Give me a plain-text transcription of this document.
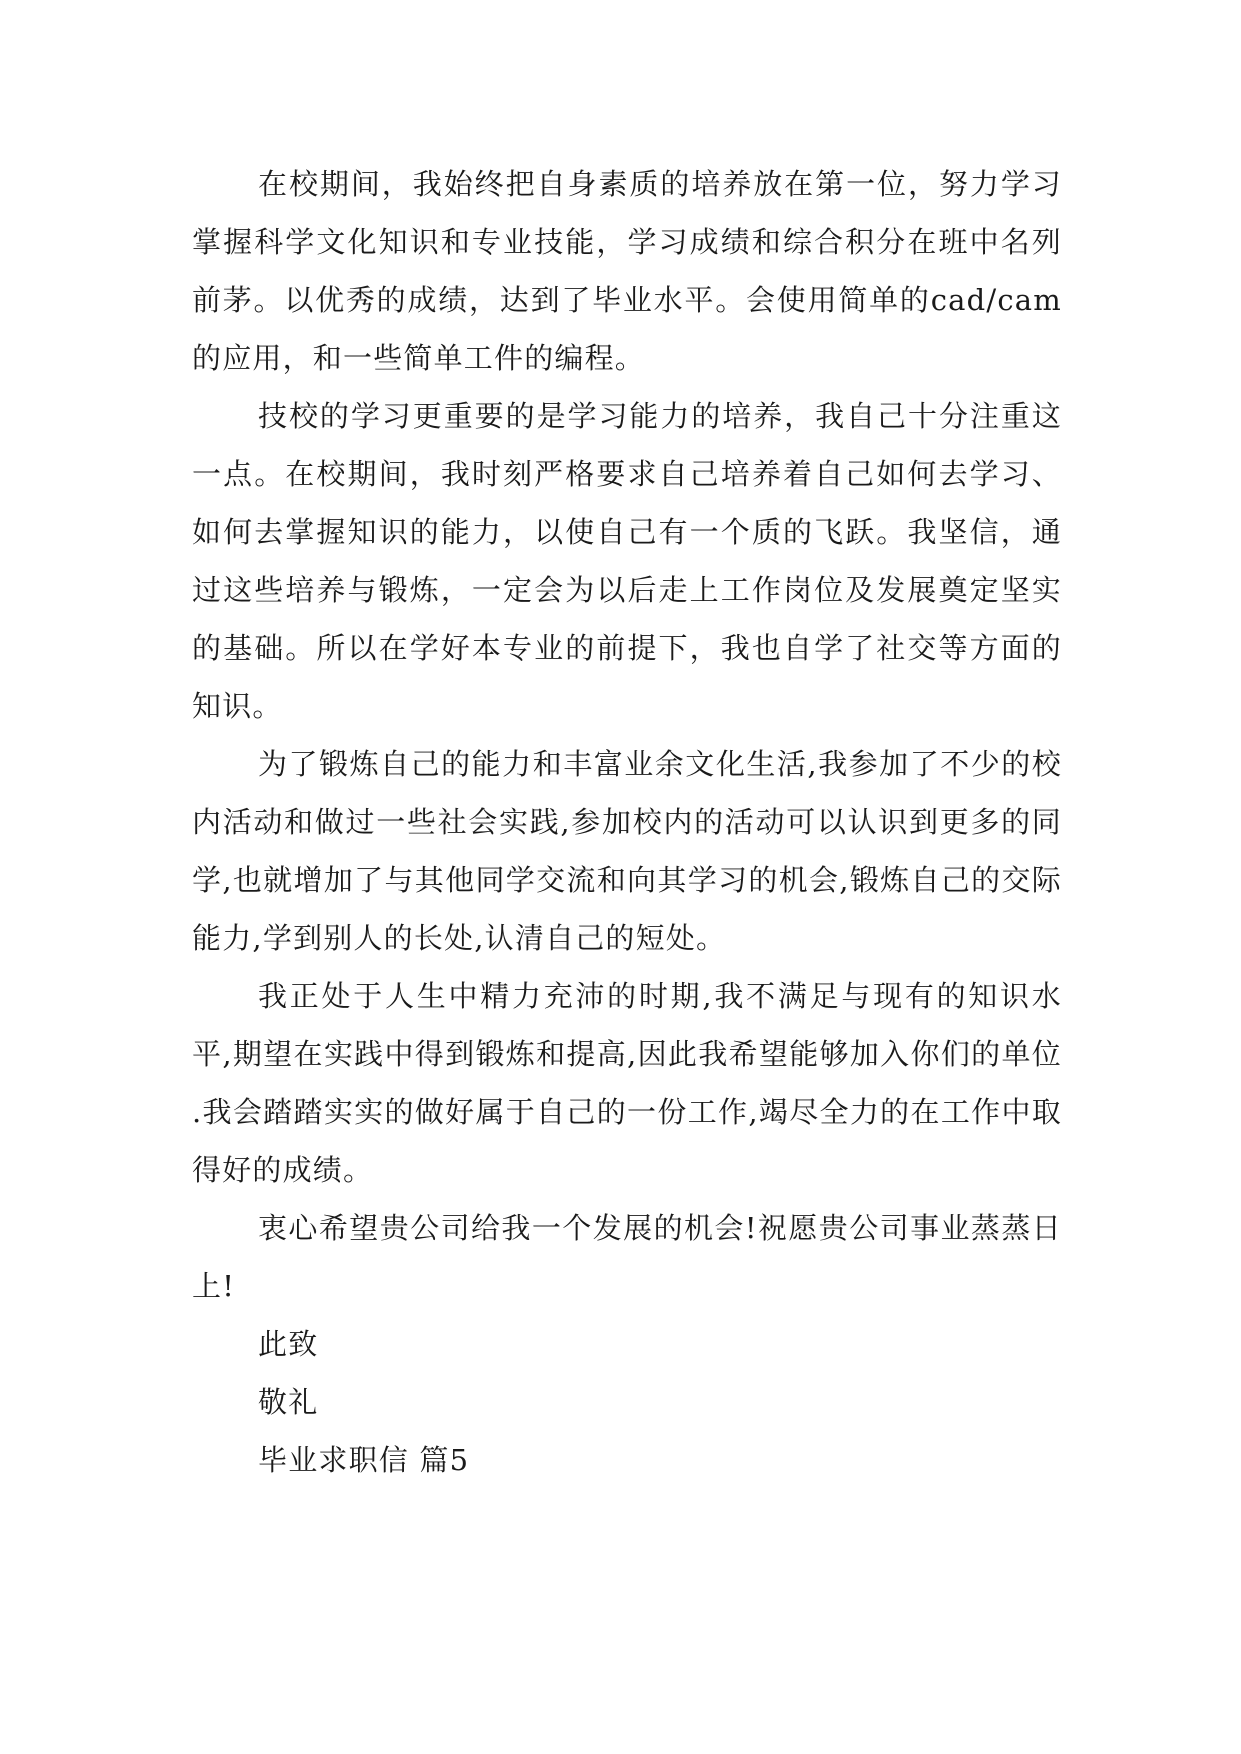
在校期间，我始终把自身素质的培养放在第一位，努力学习掌握科学文化知识和专业技能，学习成绩和综合积分在班中名列前茅。以优秀的成绩，达到了毕业水平。会使用简单的cad/cam的应用，和一些简单工件的编程。

技校的学习更重要的是学习能力的培养，我自己十分注重这一点。在校期间，我时刻严格要求自己培养着自己如何去学习、如何去掌握知识的能力，以使自己有一个质的飞跃。我坚信，通过这些培养与锻炼，一定会为以后走上工作岗位及发展奠定坚实的基础。所以在学好本专业的前提下，我也自学了社交等方面的知识。

为了锻炼自己的能力和丰富业余文化生活,我参加了不少的校内活动和做过一些社会实践,参加校内的活动可以认识到更多的同学,也就增加了与其他同学交流和向其学习的机会,锻炼自己的交际能力,学到别人的长处,认清自己的短处。

我正处于人生中精力充沛的时期,我不满足与现有的知识水平,期望在实践中得到锻炼和提高,因此我希望能够加入你们的单位 .我会踏踏实实的做好属于自己的一份工作,竭尽全力的在工作中取得好的成绩。

衷心希望贵公司给我一个发展的机会!祝愿贵公司事业蒸蒸日上!

此致

敬礼

毕业求职信 篇5
